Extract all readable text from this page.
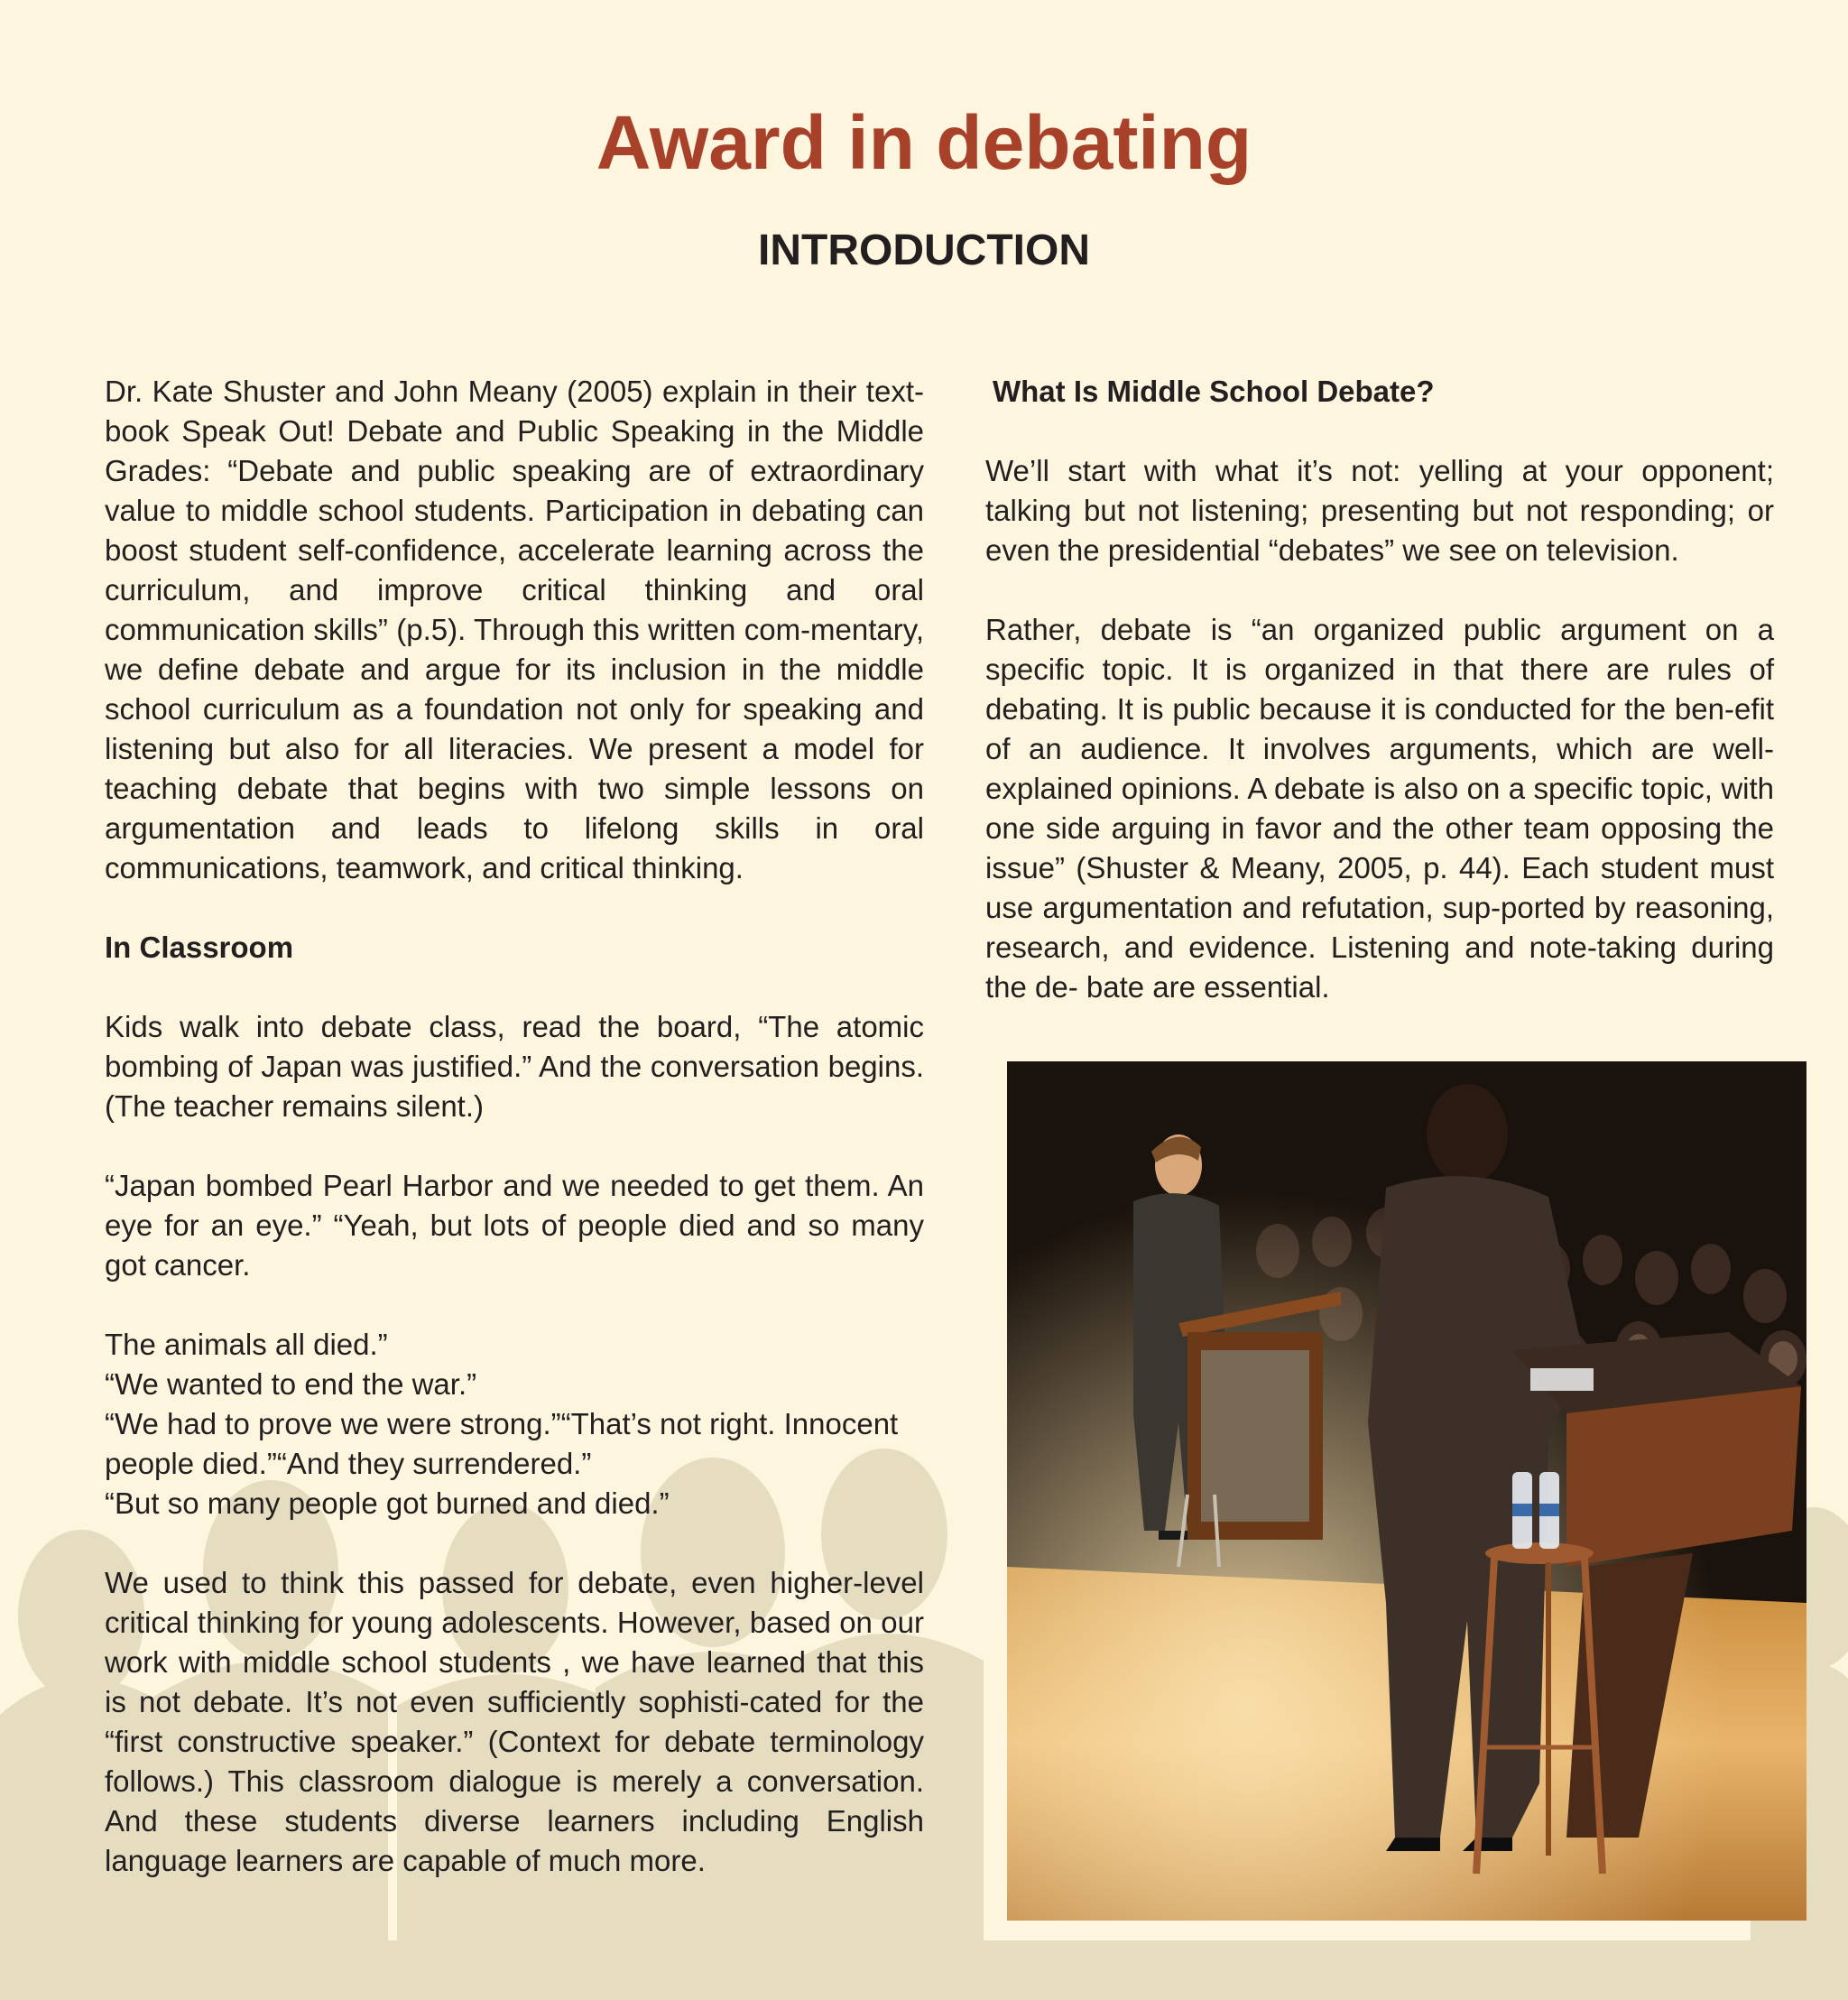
Award in debating
INTRODUCTION

Dr. Kate Shuster and John Meany (2005) explain in their text-book Speak Out! Debate and Public Speaking in the Middle Grades: “Debate and public speaking are of extraordinary value to middle school students. Participation in debating can boost student self-confidence, accelerate learning across the curriculum, and improve critical thinking and oral communication skills” (p.5). Through this written com-mentary, we define debate and argue for its inclusion in the middle school curriculum as a foundation not only for speaking and listening but also for all literacies. We present a model for teaching debate that begins with two simple lessons on argumentation and leads to lifelong skills in oral communications, teamwork, and critical thinking.

In Classroom

Kids walk into debate class, read the board, “The atomic bombing of Japan was justified.” And the conversation begins. (The teacher remains silent.)

“Japan bombed Pearl Harbor and we needed to get them. An eye for an eye.” “Yeah, but lots of people died and so many got cancer.

The animals all died.”
“We wanted to end the war.”
“We had to prove we were strong.”“That’s not right. Innocent people died.”“And they surrendered.”
“But so many people got burned and died.”

We used to think this passed for debate, even higher-level critical thinking for young adolescents. However, based on our work with middle school students , we have learned that this is not debate. It’s not even sufficiently sophisti-cated for the “first constructive speaker.” (Context for debate terminology follows.) This classroom dialogue is merely a conversation. And these students diverse learners including English language learners are capable of much more.

What Is Middle School Debate?

We’ll start with what it’s not: yelling at your opponent; talking but not listening; presenting but not responding; or even the presidential “debates” we see on television.

Rather, debate is “an organized public argument on a specific topic. It is organized in that there are rules of debating. It is public because it is conducted for the ben-efit of an audience. It involves arguments, which are well-explained opinions. A debate is also on a specific topic, with one side arguing in favor and the other team opposing the issue” (Shuster & Meany, 2005, p. 44). Each student must use argumentation and refutation, sup-ported by reasoning, research, and evidence. Listening and note-taking during the de- bate are essential.
